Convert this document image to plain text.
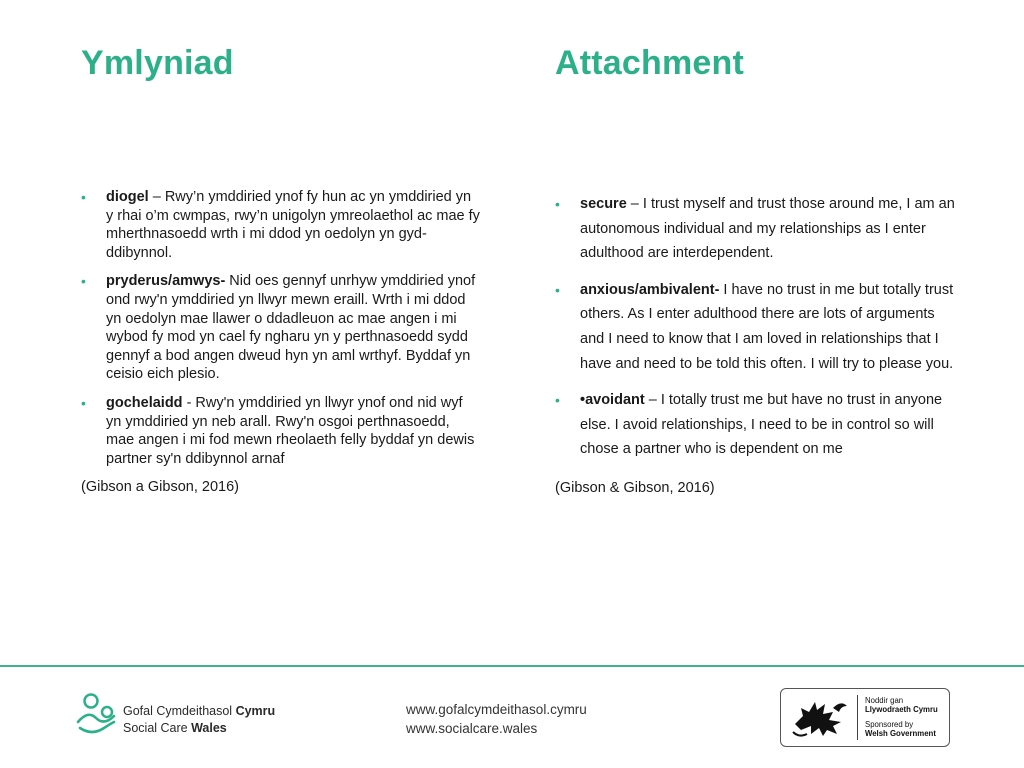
Ymlyniad	Attachment
• diogel – Rwy’n ymddiried ynof fy hun ac yn ymddiried yn y rhai o’m cwmpas, rwy’n unigolyn ymreolaethol ac mae fy mherthnasoedd wrth i mi ddod yn oedolyn yn gyd-ddibynnol.
• pryderus/amwys- Nid oes gennyf unrhyw ymddiried ynof ond rwy'n ymddiried yn llwyr mewn eraill. Wrth i mi ddod yn oedolyn mae llawer o ddadleuon ac mae angen i mi wybod fy mod yn cael fy ngharu yn y perthnasoedd sydd gennyf a bod angen dweud hyn yn aml wrthyf. Byddaf yn ceisio eich plesio.
• gochelaidd - Rwy'n ymddiried yn llwyr ynof ond nid wyf yn ymddiried yn neb arall. Rwy'n osgoi perthnasoedd, mae angen i mi fod mewn rheolaeth felly byddaf yn dewis partner sy'n ddibynnol arnaf
(Gibson a Gibson, 2016)
• secure – I trust myself and trust those around me, I am an autonomous individual and my relationships as I enter adulthood are interdependent.
• anxious/ambivalent- I have no trust in me but totally trust others. As I enter adulthood there are lots of arguments and I need to know that I am loved in relationships that I have and need to be told this often. I will try to please you.
• •avoidant – I totally trust me but have no trust in anyone else. I avoid relationships, I need to be in control so will chose a partner who is dependent on me
(Gibson & Gibson, 2016)
Gofal Cymdeithasol Cymru
Social Care Wales
www.gofalcymdeithasol.cymru
www.socialcare.wales
Noddir gan
Llywodraeth Cymru
Sponsored by
Welsh Government
